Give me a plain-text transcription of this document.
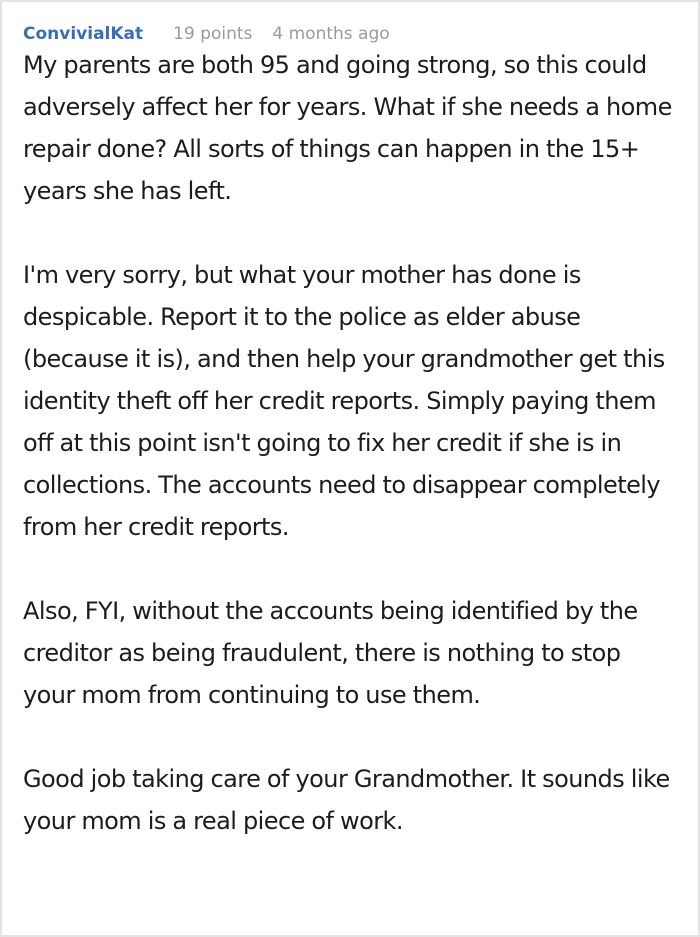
ConvivialKat 19 points 4 months ago

My parents are both 95 and going strong, so this could adversely affect her for years. What if she needs a home repair done? All sorts of things can happen in the 15+ years she has left.

I'm very sorry, but what your mother has done is despicable. Report it to the police as elder abuse (because it is), and then help your grandmother get this identity theft off her credit reports. Simply paying them off at this point isn't going to fix her credit if she is in collections. The accounts need to disappear completely from her credit reports.

Also, FYI, without the accounts being identified by the creditor as being fraudulent, there is nothing to stop your mom from continuing to use them.

Good job taking care of your Grandmother. It sounds like your mom is a real piece of work.
